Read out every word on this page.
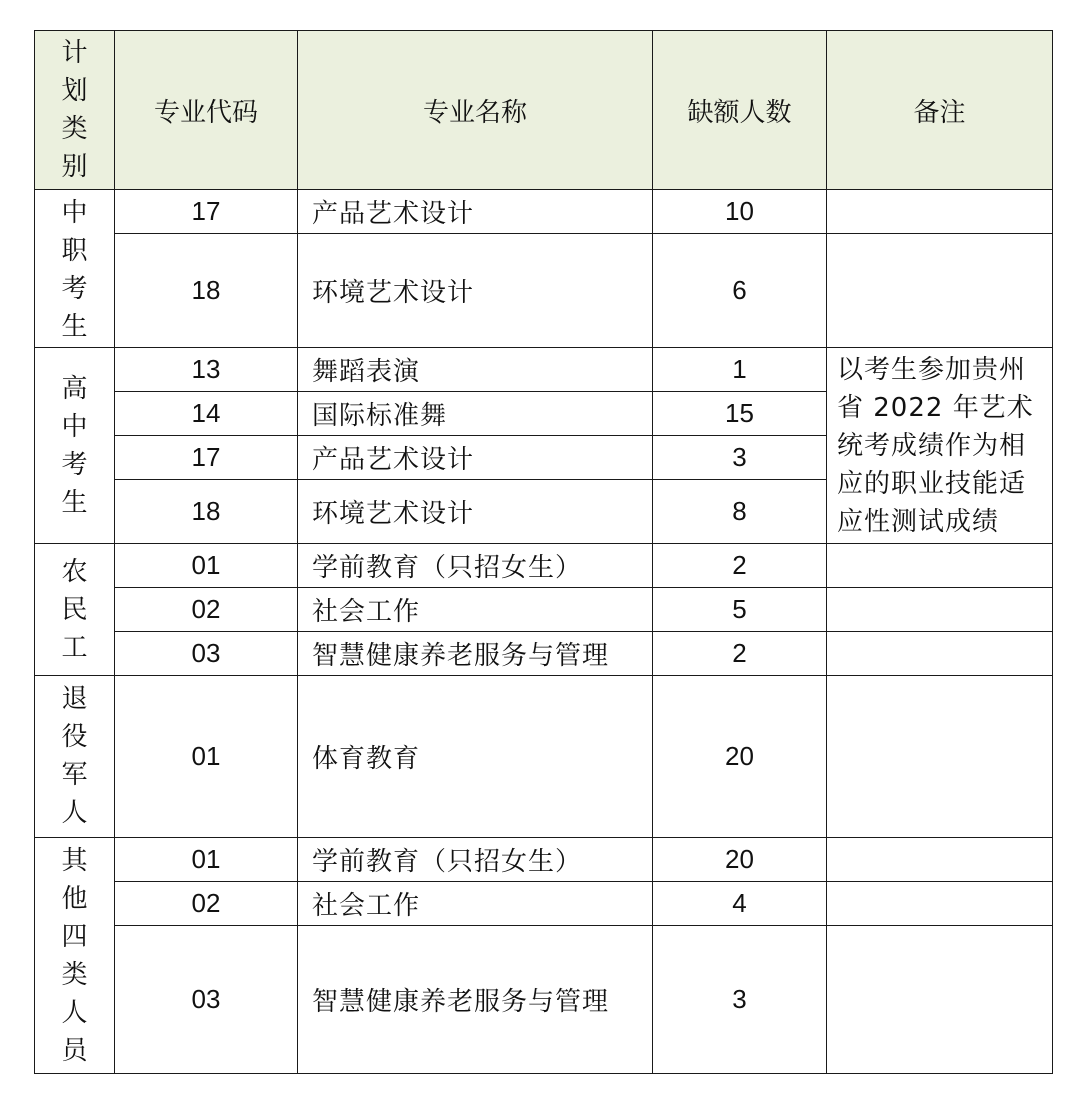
计划类别	专业代码	专业名称	缺额人数	备注
中职考生	17	产品艺术设计	10	
	18	环境艺术设计	6	
高中考生	13	舞蹈表演	1	以考生参加贵州省 2022 年艺术统考成绩作为相应的职业技能适应性测试成绩
	14	国际标准舞	15	
	17	产品艺术设计	3	
	18	环境艺术设计	8	
农民工	01	学前教育（只招女生）	2	
	02	社会工作	5	
	03	智慧健康养老服务与管理	2	
退役军人	01	体育教育	20	
其他四类人员	01	学前教育（只招女生）	20	
	02	社会工作	4	
	03	智慧健康养老服务与管理	3	
